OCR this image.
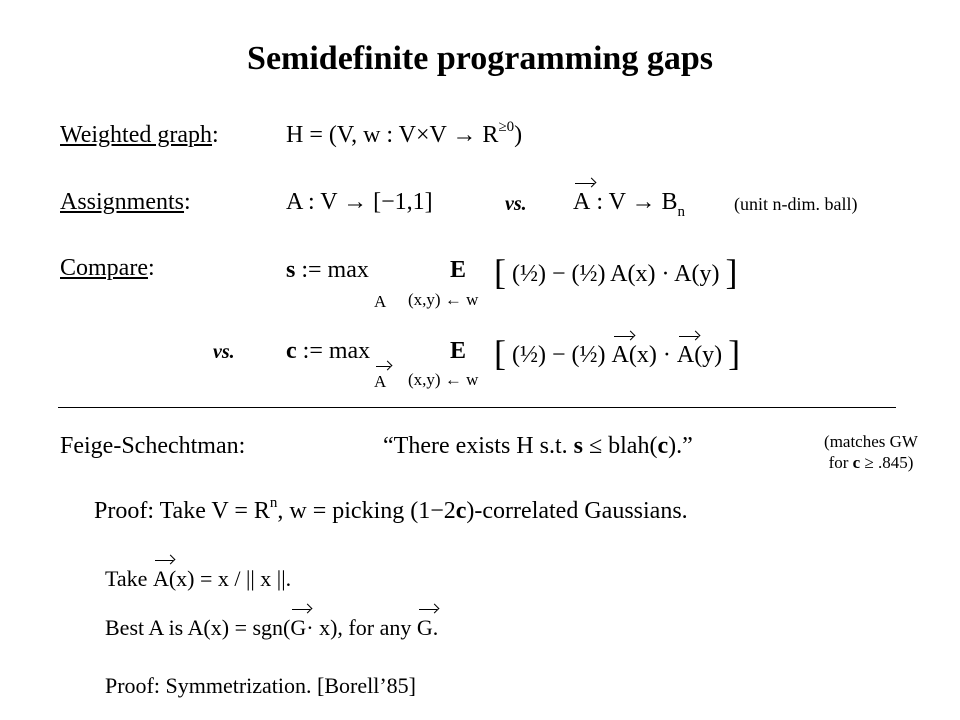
Semidefinite programming gaps
Weighted graph:	H = (V, w : $V\times V \to R^{\ge 0}$)
Assignments:	A : V → [−1,1]	vs. A : $V \to B_n$	(unit n-dim. ball)
Compare:	s := max	E [ (½) − (½) A(x) · A(y) ]
A (x,y) ← w
vs. c := max	E [ (½) − (½) A(x) · A(y) ]
A (x,y) ← w
Feige-Schechtman:	“There exists H s.t. s ≤ blah(c).”	(matches GW
for c ≥ .845)
Proof: Take $V = R^n$, w = picking (1−2c)-correlated Gaussians.
Take A(x) = x / || x ||.
Best A is A(x) = sgn(G· x), for any G.
Proof: Symmetrization. [Borell’85]
